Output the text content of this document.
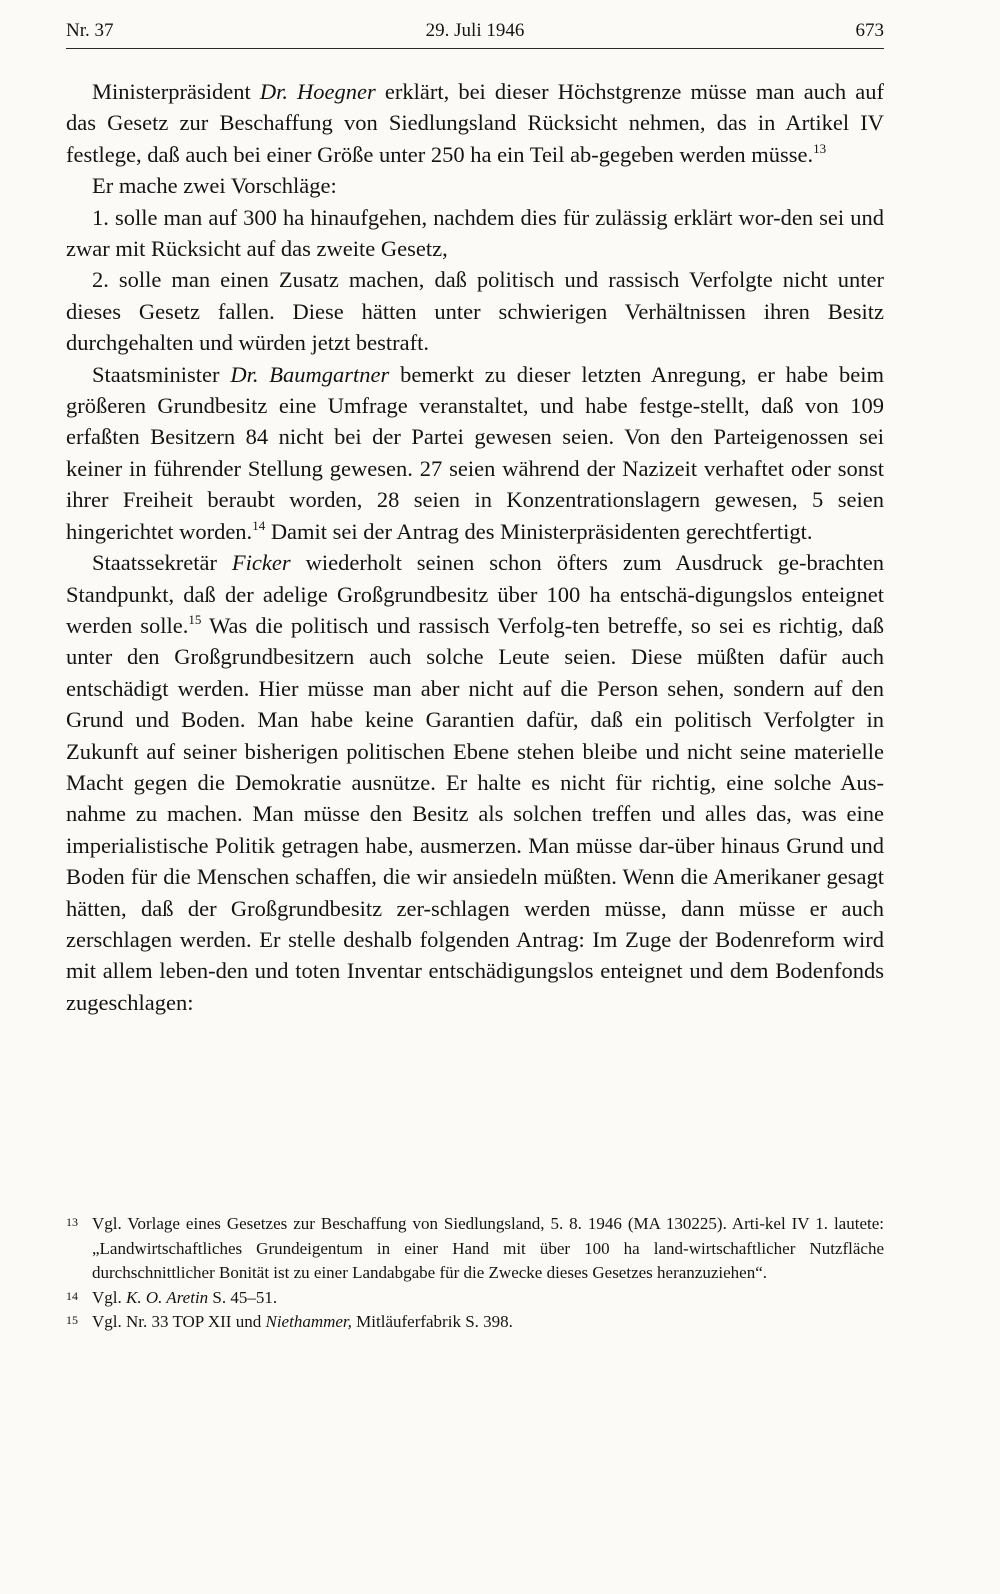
Nr. 37	29. Juli 1946	673

Ministerpräsident Dr. Hoegner erklärt, bei dieser Höchstgrenze müsse man auch auf das Gesetz zur Beschaffung von Siedlungsland Rücksicht nehmen, das in Artikel IV festlege, daß auch bei einer Größe unter 250 ha ein Teil ab-gegeben werden müsse.$^{13}$

Er mache zwei Vorschläge:

1. solle man auf 300 ha hinaufgehen, nachdem dies für zulässig erklärt wor-den sei und zwar mit Rücksicht auf das zweite Gesetz,

2. solle man einen Zusatz machen, daß politisch und rassisch Verfolgte nicht unter dieses Gesetz fallen. Diese hätten unter schwierigen Verhältnissen ihren Besitz durchgehalten und würden jetzt bestraft.

Staatsminister Dr. Baumgartner bemerkt zu dieser letzten Anregung, er habe beim größeren Grundbesitz eine Umfrage veranstaltet, und habe festge-stellt, daß von 109 erfaßten Besitzern 84 nicht bei der Partei gewesen seien. Von den Parteigenossen sei keiner in führender Stellung gewesen. 27 seien während der Nazizeit verhaftet oder sonst ihrer Freiheit beraubt worden, 28 seien in Konzentrationslagern gewesen, 5 seien hingerichtet worden.$^{14}$ Damit sei der Antrag des Ministerpräsidenten gerechtfertigt.

Staatssekretär Ficker wiederholt seinen schon öfters zum Ausdruck ge-brachten Standpunkt, daß der adelige Großgrundbesitz über 100 ha entschä-digungslos enteignet werden solle.$^{15}$ Was die politisch und rassisch Verfolg-ten betreffe, so sei es richtig, daß unter den Großgrundbesitzern auch solche Leute seien. Diese müßten dafür auch entschädigt werden. Hier müsse man aber nicht auf die Person sehen, sondern auf den Grund und Boden. Man habe keine Garantien dafür, daß ein politisch Verfolgter in Zukunft auf seiner bisherigen politischen Ebene stehen bleibe und nicht seine materielle Macht gegen die Demokratie ausnütze. Er halte es nicht für richtig, eine solche Aus-nahme zu machen. Man müsse den Besitz als solchen treffen und alles das, was eine imperialistische Politik getragen habe, ausmerzen. Man müsse dar-über hinaus Grund und Boden für die Menschen schaffen, die wir ansiedeln müßten. Wenn die Amerikaner gesagt hätten, daß der Großgrundbesitz zer-schlagen werden müsse, dann müsse er auch zerschlagen werden. Er stelle deshalb folgenden Antrag: Im Zuge der Bodenreform wird mit allem leben-den und toten Inventar entschädigungslos enteignet und dem Bodenfonds zugeschlagen:

13 Vgl. Vorlage eines Gesetzes zur Beschaffung von Siedlungsland, 5. 8. 1946 (MA 130225). Arti-kel IV 1. lautete: „Landwirtschaftliches Grundeigentum in einer Hand mit über 100 ha land-wirtschaftlicher Nutzfläche durchschnittlicher Bonität ist zu einer Landabgabe für die Zwecke dieses Gesetzes heranzuziehen“.

14 Vgl. K. O. Aretin S. 45–51.

15 Vgl. Nr. 33 TOP XII und Niethammer, Mitläuferfabrik S. 398.
